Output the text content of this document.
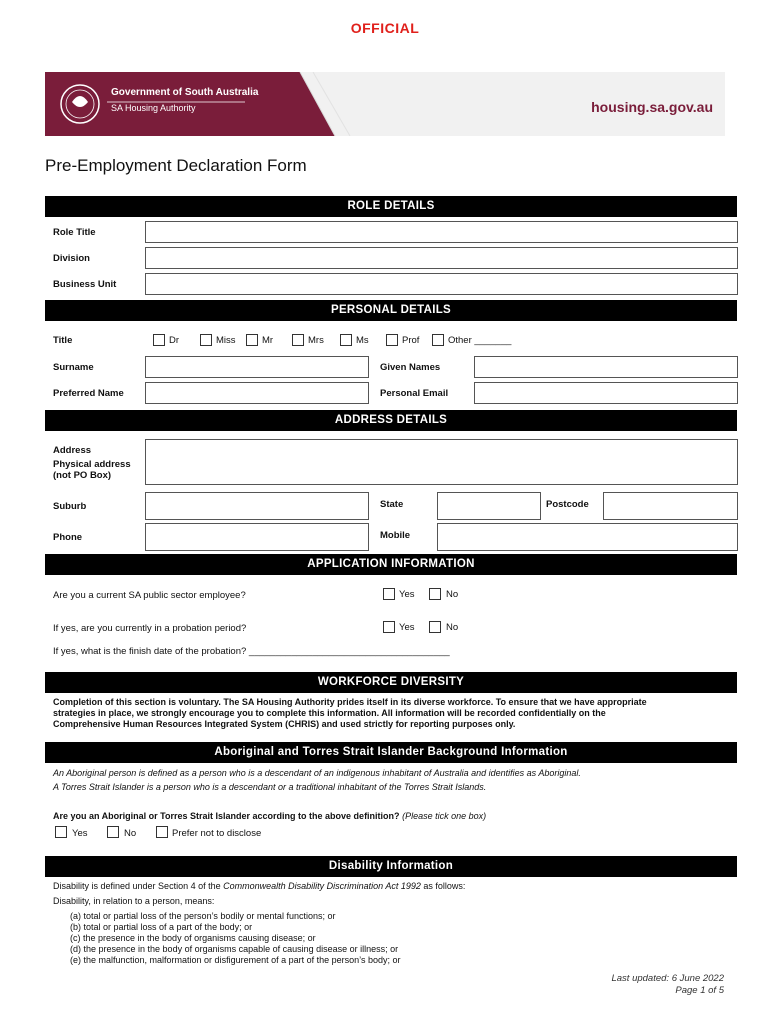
OFFICIAL
Government of South Australia
SA Housing Authority	housing.sa.gov.au
Pre-Employment Declaration Form
ROLE DETAILS
Role Title
Division
Business Unit
PERSONAL DETAILS
Title	Dr	Miss	Mr	Mrs	Ms	Prof	Other _______
Surname	Given Names
Preferred Name	Personal Email
ADDRESS DETAILS
Address
Physical address
(not PO Box)
Suburb	State	Postcode
Phone	Mobile
APPLICATION INFORMATION
Are you a current SA public sector employee?	Yes	No
If yes, are you currently in a probation period?	Yes	No
If yes, what is the finish date of the probation? ______________________________________
WORKFORCE DIVERSITY
Completion of this section is voluntary. The SA Housing Authority prides itself in its diverse workforce. To ensure that we have appropriate
strategies in place, we strongly encourage you to complete this information. All information will be recorded confidentially on the
Comprehensive Human Resources Integrated System (CHRIS) and used strictly for reporting purposes only.
Aboriginal and Torres Strait Islander Background Information
An Aboriginal person is defined as a person who is a descendant of an indigenous inhabitant of Australia and identifies as Aboriginal.
A Torres Strait Islander is a person who is a descendant or a traditional inhabitant of the Torres Strait Islands.
Are you an Aboriginal or Torres Strait Islander according to the above definition? (Please tick one box)
Yes	No	Prefer not to disclose
Disability Information
Disability is defined under Section 4 of the Commonwealth Disability Discrimination Act 1992 as follows:
Disability, in relation to a person, means:
(a) total or partial loss of the person’s bodily or mental functions; or
(b) total or partial loss of a part of the body; or
(c) the presence in the body of organisms causing disease; or
(d) the presence in the body of organisms capable of causing disease or illness; or
(e) the malfunction, malformation or disfigurement of a part of the person’s body; or
Last updated: 6 June 2022
Page 1 of 5
